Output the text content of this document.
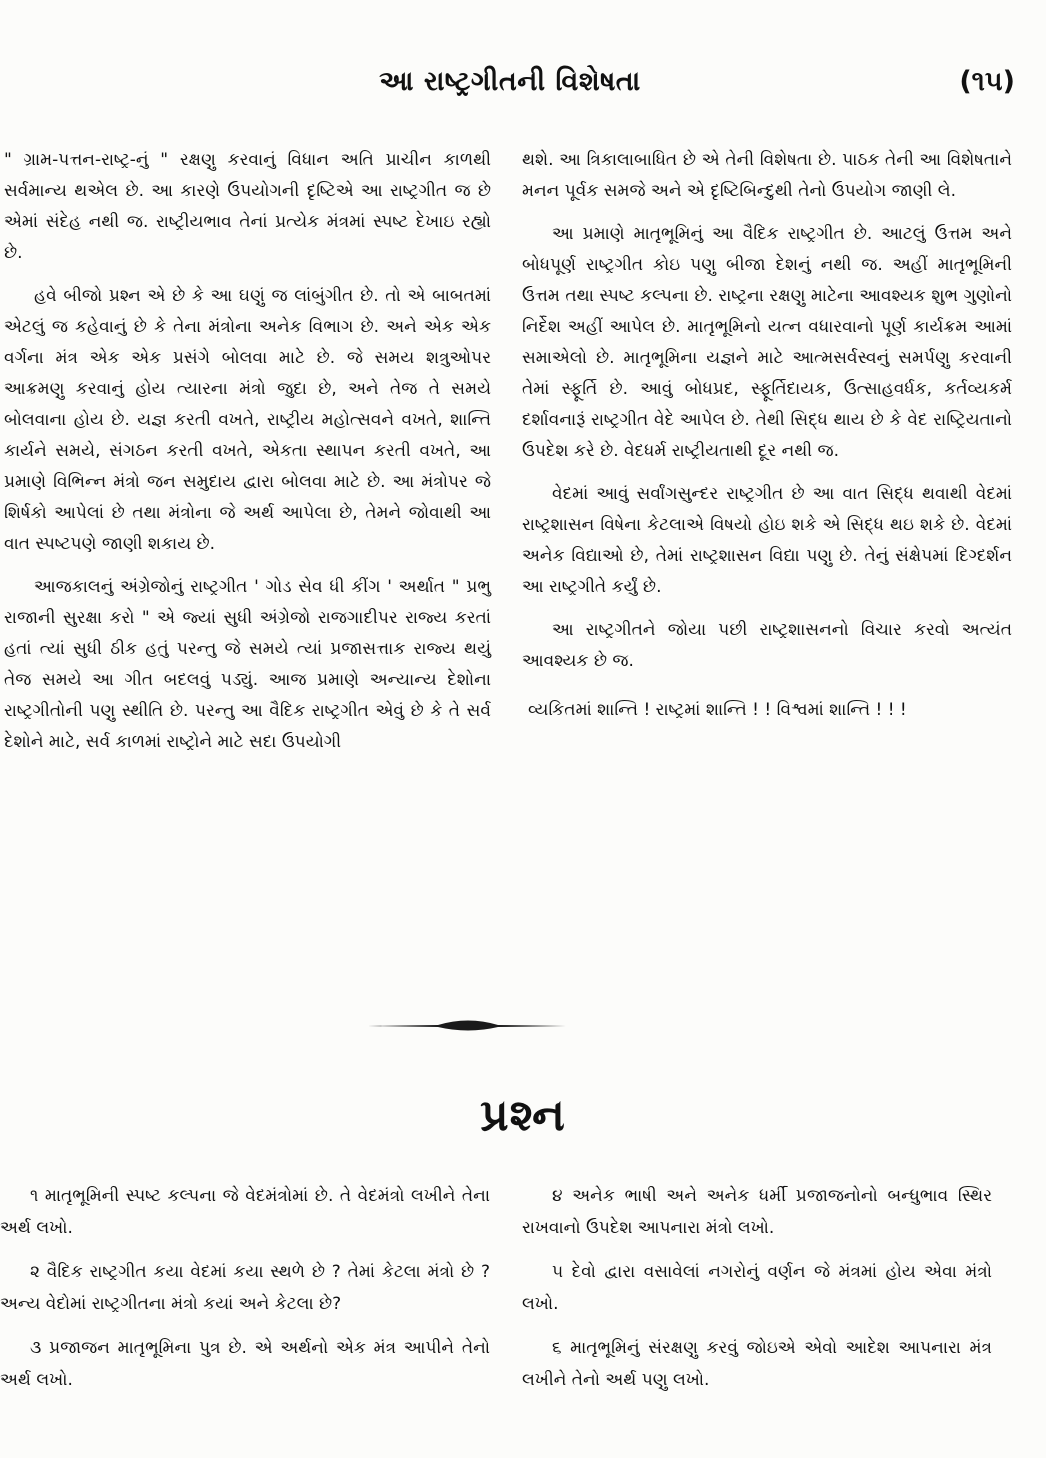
આ રાષ્ટ્રગીતની વિશેષતા	(૧૫)

" ગ્રામ-પત્તન-રાષ્ટ્ર-નું " રક્ષણુ કરવાનું વિધાન અતિ પ્રાચીન કાળથી સર્વમાન્ય થએલ છે. આ કારણે ઉપયોગની દૃષ્ટિએ આ રાષ્ટ્રગીત જ છે એમાં સંદેહ નથી જ. રાષ્ટ્રીયભાવ તેનાં પ્રત્યેક મંત્રમાં સ્પષ્ટ દેખાઇ રહ્યો છે.

હવે બીજો પ્રશ્ન એ છે કે આ ઘણું જ લાંબુંગીત છે. તો એ બાબતમાં એટલું જ કહેવાનું છે કે તેના મંત્રોના અનેક વિભાગ છે. અને એક એક વર્ગના મંત્ર એક એક પ્રસંગે બોલવા માટે છે. જે સમય શત્રુઓપર આક્રમણુ કરવાનું હોય ત્યારના મંત્રો જુદા છે, અને તેજ તે સમયે બોલવાના હોય છે. યજ્ઞ કરતી વખતે, રાષ્ટ્રીય મહોત્સવને વખતે, શાન્તિ કાર્યને સમયે, સંગઠન કરતી વખતે, એકતા સ્થાપન કરતી વખતે, આ પ્રમાણે વિભિન્ન મંત્રો જન સમુદાય દ્વારા બોલવા માટે છે. આ મંત્રોપર જે શિર્ષકો આપેલાં છે તથા મંત્રોના જે અર્થ આપેલા છે, તેમને જોવાથી આ વાત સ્પષ્ટપણે જાણી શકાય છે.

આજકાલનું અંગ્રેજોનું રાષ્ટ્રગીત ' ગોડ સેવ ધી કીંગ ' અર્થાત " પ્રભુ રાજાની સુરક્ષા કરો " એ જ્યાં સુધી અંગ્રેજો રાજગાદીપર રાજ્ય કરતાં હતાં ત્યાં સુધી ઠીક હતું પરન્તુ જે સમયે ત્યાં પ્રજાસત્તાક રાજ્ય થયું તેજ સમયે આ ગીત બદલવું પડ્યું. આજ પ્રમાણે અન્યાન્ય દેશોના રાષ્ટ્રગીતોની પણુ સ્થીતિ છે. પરન્તુ આ વૈદિક રાષ્ટ્રગીત એવું છે કે તે સર્વ દેશોને માટે, સર્વ કાળમાં રાષ્ટ્રોને માટે સદા ઉપયોગી

થશે. આ ત્રિકાલાબાધિત છે એ તેની વિશેષતા છે. પાઠક તેની આ વિશેષતાને મનન પૂર્વક સમજે અને એ દૃષ્ટિબિન્દુથી તેનો ઉપયોગ જાણી લે.

આ પ્રમાણે માતૃભૂમિનું આ વૈદિક રાષ્ટ્રગીત છે. આટલું ઉત્તમ અને બોધપૂર્ણ રાષ્ટ્રગીત કોઇ પણુ બીજા દેશનું નથી જ. અહીં માતૃભૂમિની ઉત્તમ તથા સ્પષ્ટ કલ્પના છે. રાષ્ટ્રના રક્ષણુ માટેના આવશ્યક શુભ ગુણોનો નિર્દેશ અહીં આપેલ છે. માતૃભૂમિનો યત્ન વધારવાનો પૂર્ણ કાર્યક્રમ આમાં સમાએલો છે. માતૃભૂમિના યજ્ઞને માટે આત્મસર્વસ્વનું સમર્પણુ કરવાની તેમાં સ્ફૂર્તિ છે. આવું બોધપ્રદ, સ્ફૂર્તિદાયક, ઉત્સાહવર્ધક, કર્તવ્યકર્મ દર્શાવનારૂં રાષ્ટ્રગીત વેદે આપેલ છે. તેથી સિદ્ધ થાય છે કે વેદ રાષ્ટ્રિયતાનો ઉપદેશ કરે છે. વેદધર્મ રાષ્ટ્રીયતાથી દૂર નથી જ.

વેદમાં આવું સર્વાંગસુન્દર રાષ્ટ્રગીત છે આ વાત સિદ્ધ થવાથી વેદમાં રાષ્ટ્રશાસન વિષેના કેટલાએ વિષયો હોઇ શકે એ સિદ્ધ થઇ શકે છે. વેદમાં અનેક વિદ્યાઓ છે, તેમાં રાષ્ટ્રશાસન વિદ્યા પણુ છે. તેનું સંક્ષેપમાં દિગ્દર્શન આ રાષ્ટ્રગીતે કર્યું છે.

આ રાષ્ટ્રગીતને જોયા પછી રાષ્ટ્રશાસનનો વિચાર કરવો અત્યંત આવશ્યક છે જ.

વ્યકિતમાં શાન્તિ ! રાષ્ટ્રમાં શાન્તિ ! ! વિશ્વમાં શાન્તિ ! ! !

પ્રશ્ન

૧ માતૃભૂમિની સ્પષ્ટ કલ્પના જે વેદમંત્રોમાં છે. તે વેદમંત્રો લખીને તેના અર્થ લખો.

૨ વૈદિક રાષ્ટ્રગીત કયા વેદમાં કયા સ્થળે છે ? તેમાં કેટલા મંત્રો છે ? અન્ય વેદોમાં રાષ્ટ્રગીતના મંત્રો કયાં અને કેટલા છે?

૩ પ્રજાજન માતૃભૂમિના પુત્ર છે. એ અર્થનો એક મંત્ર આપીને તેનો અર્થ લખો.

૪ અનેક ભાષી અને અનેક ધર્મી પ્રજાજનોનો બન્ધુભાવ સ્થિર રાખવાનો ઉપદેશ આપનારા મંત્રો લખો.

૫ દેવો દ્વારા વસાવેલાં નગરોનું વર્ણન જે મંત્રમાં હોય એવા મંત્રો લખો.

૬ માતૃભૂમિનું સંરક્ષણુ કરવું જોઇએ એવો આદેશ આપનારા મંત્ર લખીને તેનો અર્થ પણુ લખો.
